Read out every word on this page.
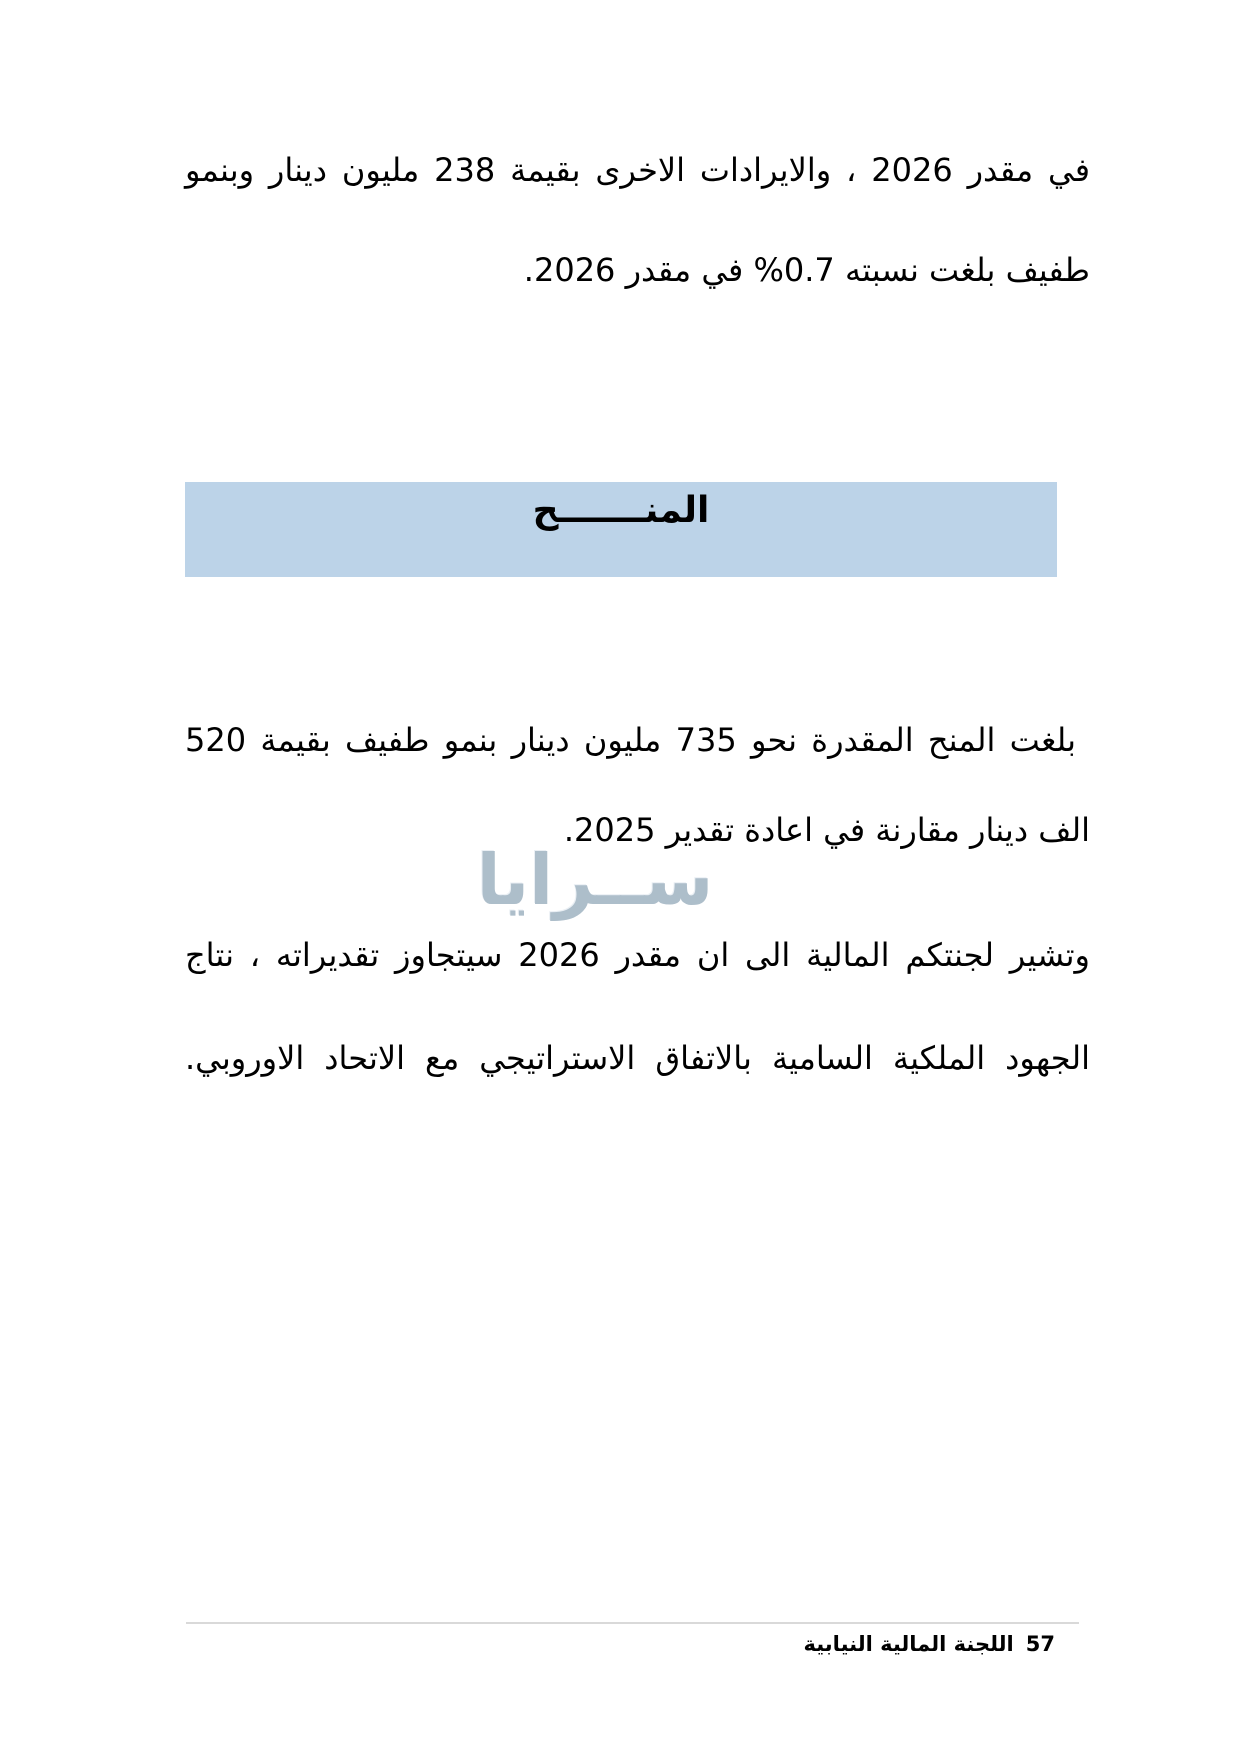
في مقدر 2026 ، والايرادات الاخرى بقيمة 238 مليون دينار وبنمو

طفيف بلغت نسبته 0.7% في مقدر 2026.

المنـــــــح

بلغت المنح المقدرة نحو 735 مليون دينار بنمو طفيف بقيمة 520

الف دينار مقارنة في اعادة تقدير 2025.

ســرايا

وتشير لجنتكم المالية الى ان مقدر 2026 سيتجاوز تقديراته ، نتاج

الجهود الملكية السامية بالاتفاق الاستراتيجي مع الاتحاد الاوروبي.

57اللجنة المالية النيابية
